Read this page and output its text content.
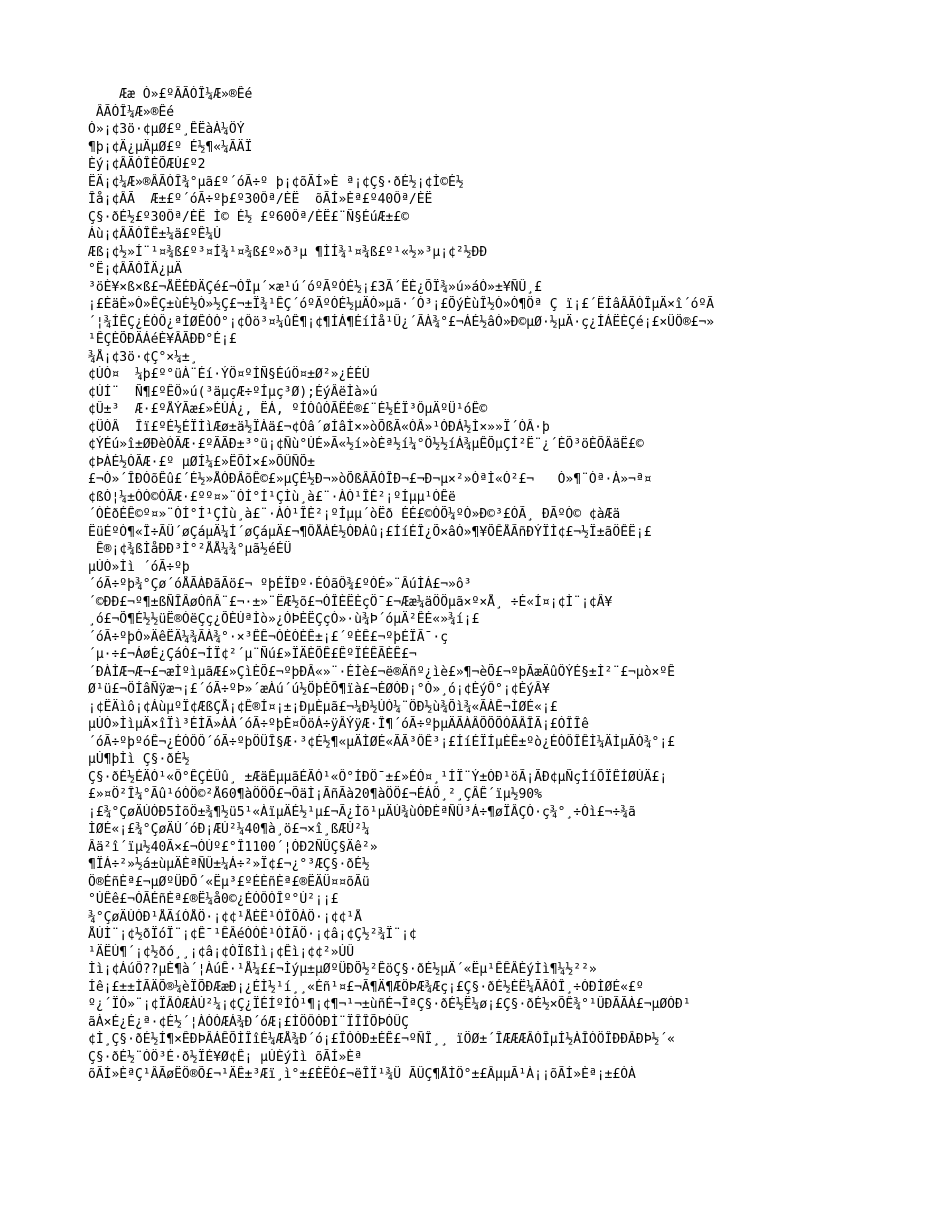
Ææ Ò»£ºÂÃÓÎ¼Æ»®Êé
ÂÃÓÎ¼Æ»®Êé
Ò»¡¢3ö·¢µØ£º¸ÊËàÀ¼ÖÝ
¶þ¡¢Ä¿µÄµØ£º É½¶«¼ÃÄÏ
Èý¡¢ÂÃÓÎÈÕÆÚ£º2
ËÄ¡¢¼Æ»®ÂÃÓÎ¾°µã£º´óÃ÷º þ¡¢õÃÍ»È ª¡¢Ç§·ðÉ½¡¢Ì©É½
Îå¡¢ÂÃ  Æ±£º´óÃ÷ºþ£º30Ôª/ÈË  õÃÍ»Èª£º40Ôª/ÈË
Ç§·ðÉ½£º30Ôª/ÈË Ì© É½ £º60Ôª/ÈË£¨Ñ§ÉúÆ±£©
Áù¡¢ÂÃÓÎÊ±¼ä£ºÊ¼Ù
Æß¡¢½»Í¨¹¤¾ß£º³¤Í¾¹¤¾ß£º»ð³µ ¶ÌÍ¾¹¤¾ß£º¹«½»³µ¡¢²½ÐÐ
°Ë¡¢ÂÃÓÎÄ¿µÄ
³öÈ¥×ß×ß£¬ÅËÉÐÄÇé£¬ÓÎµ´×æ¹ú´óºÃºÓÉ½¡£3Ã´ËÈ¿ÕÏ¾»ú»áÒ»±¥ÑÛ¸£
¡£ÈäÈ»Ò»ÊÇ±ùÉ½Ò»½Ç£¬±Ï¾¹ÊÇ´óºÃºÓÉ½µÄÒ»µã·´Ó³¡£ÕýÈùÎ½Ò»Ò¶Öª Ç ï¡£´ËÍâÂÃÓÎµÄ×î´óºÃ
´¦¾ÍÊÇ¿ÉÒÔ¿ªÍØÊÓÒ°¡¢Ôö³¤¼ûÊ¶¡¢¶ÍÁ¶ÉíÌå¹Û¿´ÃÀ¾°£¬ÁÉ½âÒ»Ð©µØ·½µÄ·ç¿ÍÁËÈÇé¡£×ÜÖ®£¬»
¹ÊÇÈÕÐÄÁéÈ¥ÂÃÐÐ°É¡£
¾Å¡¢3ö·¢Ç°×¼±¸
¢ÙÒ¤  ¼þ£º°üÀ¨Éí·ÝÖ¤ºÍÑ§ÉúÖ¤±Ø²»¿ÉÉÙ
¢ÚÍ¨  Ñ¶£ºÊÖ»ú(³äµçÆ÷ºÍµç³Ø);ÉýÂëÌà»ú
¢Û±³  Æ·£ºÅÝÃæ£»ÉÙÁ¿, ËÁ, ºÍÒûÓÃËÉ®£¨É½ÉÏ³ÔµÄºÜ¹óÊ©
¢ÜÒÂ  Îï£ºÉ½ÉÏÌìÆø±ä½ÏÀä£¬¢Òâ´øÍâÌ×»òÕßÃ«ÒÂ»¹ÓÐÁ½Ì×»»Ï´ÒÂ·þ
¢ÝÉú»î±ØÐèÓÃÆ·£ºÃÃÐ±³°ü¡¢Ñù°ÚÉ»Ã«½í»òÈª½í¼°Ö½½íÁ¾µÊÕµÇÍ²Ë¨¿´ÈÕ³öÈÕÂäË£©
¢ÞÀÉ½ÓÃÆ·£º µØÍ¼£»ËÕÌ×£»ÕÛÑÕ±
£¬Ò»´ÎÐÓõÊû£´É½»ÅÓÐÂõÊ©£»µÇÉ½Ð¬»òÕßÂÃÓÎÐ¬£¬Ð¬µ×²»ÒªÌ«Ó²£¬   Ò»¶¨Òª·À»¬ª¤
¢ßÒ¦¼±ÒÒ©ÓÃÆ·£ºº¤»¨ÓÍ°Í¹ÇÌù¸à£¨·ÀÒ¹ÎÈ²¡ºÍµµ¹ÒÊë
´ÒÈðÉÊ©º¤»¨ÓÍ°Í¹ÇÌù¸à£¨·ÀÒ¹ÎÈ²¡ºÍµµ´òËð ÉÉ£©ÒÕ¼ºÒ»Ð©³£ÓÃ¸ ÐÃºÒ© ¢àÆä
ËüÉºÓ¶«Î÷ÃÜ´øÇáµÄ¼Í´øÇáµÄ£¬¶ÔÅÀÉ½ÓÐÀû¡£ÍíÉÎ¿Õ×âÒ»¶¥ÕÊÅÃñÐÝÏÌ¢£¬½Ï±ãÖÊË¡£
Ê®¡¢¾ßÌåÐÐ³Ì°²ÅÅ¼¾°µã½éÉÜ
µÚÒ»Ìì ´óÃ÷ºþ
´óÃ÷ºþ¾°Çø´óÅÃÀÐãÃö£¬ ºþÉÏÐº·ÉÓãÔ¾£ºÓÉ»¨ÂúÌÁ£¬»ô³
´©ÐÐ£¬º¶±ßÑÎÂøÒñÂ¨£¬·±»¨ËÆ½õ£¬ÓÎÈËÈçÖ¯£¬Ææ¼äÖÖµã×º×Å¸ ÷É«Í¤¡¢Ì¨¡¢Â¥
¸ó£¬Õ¶É½½üË®ÓëÇç¿ÕÈÚªÌò»¿ÓÞÈËÇçÒ»·ù¾Þ´óµÄ²ÊÉ«»¾í¡£
´óÃ÷ºþÒ»ÄêËÄ¼¾ÃÀ¾°·×³ÊÊ¬ÓÈÒÈÊ±¡£´ºÈÊ£¬ºþÉÏÃ¯·ç
´µ·÷£¬ÁøÉ¿ÇáÒ£¬ÍÏ¢²´µ¨Ñú£»ÏÄÈÕÊ£ÊºÏÉÊÃÈÊ£¬
´ÐÀÌÆ¬Æ¬£¬æÌºìµãÆ£»ÇìÈÕ£¬ºþÐÂ«»¨·ÉÌè£¬ë®Äñº¿ìè£»¶¬èÕ£¬ºþÃæÄûÔÝÉ§±Ì²¨£¬µò×ºÊ
Ø¹ü£¬ÖÍâÑÿæ¬¡£´óÃ÷ºÞ»´æÀú´ú½ÖþÉÕ¶ïà£¬ÉØÓÐ¡°Ò»¸ó¡¢ÈýÔ°¡¢ÈýÂ¥
¡¢ËÄìô¡¢ÁùµºÏ¢ÆßÇÅ¡¢Ê®Í¤¡±¡ÐµÈµã£¬¼Ð½ÚÓ¼¨ÖÐ½ù¾Õì¾«ÃÀÊ¬ÌØÉ«¡£
µÚÒ»ÌìµÄ×îÏì³ÉÌÃ»ÀÀ´óÃ÷ºþÈ¤ÔöÁ÷ÿÂÝÿÆ·Î¶´óÃ÷ºþµÄÃÀÂÕÕÕÓÃÂÎÃ¡£ÓÎÎê
´óÃ÷ºþºóÊ¬¿ÉÒÔÔ´óÃ÷ºþÖÜÎ§Æ·³¢É½¶«µÄÌØÉ«ÃÃ³ÔÊ³¡£ÍíÉÏÍµÈÊ±ºò¿ÉÒÔÎÊÌ¼ÄÌµÃÒ¾°¡£
µÚ¶þÌì Ç§·ðÉ½
Ç§·ðÉ½ÉÄÓ¹«Ô°ÊÇÈÛû¸ ±ÆäÊµµãÉÃÓ¹«Ô°ÍÐÖ¯±£»ÉÓ¤¸¹ÍÏ¨Ý±ÓÐ¹öÃ¡ÃÐ¢µÑçÍíÕÏÊÍØÙÄ£¡
£»¤Ö²Î¼°Ãû¹óÒÖ©²Å60¶àÖÖÕ£¬ÕäÌ¡ÃñÃà20¶àÖÖ£¬ÉÁÖ¸²¸ÇÂÊ´ïµ½90%
¡£¾°ÇøÄÚÓÐ5ÌõÖ±¾¶½ü5¹«ÀïµÄÉ½¹µ£¬Ã¿Ìõ¹µÄÚ¾ùÓÐÈªÑÛ³Á÷¶øÏÂÇÒ·ç¾°¸÷Òì£¬÷¾ã
ÌØÉ«¡£¾°ÇøÄÚ´óÐ¡ÆÚ²¼40¶à¸ö£¬×î¸ßÆÙ²¼
Âä²î´ïµ½40Ã×£¬ÓÚº£°Î1100´¦ÓÐ2ÑÛÇ§Äê²»
¶ÏÁ÷²»½á±ùµÄÈªÑÛ±¼Á÷²»Ï¢£¬¿°³ÆÇ§·ðÉ½
Ö®ÉñÈª£¬µØºÜÐÕ´«Ëµ³£ºÉÈñÈª£®ËÄÜ¤¤õÃü
°ÙÊê£¬ÓÃÉñÈª£®Ë¼å0©¿ÉÒÔÓÎº°Ù²¡¡£
¾°ÇøÄÚÓÐ¹ÅÃíÒÅÖ·¡¢¢¹ÅÈË¹ÓÎÕÀÖ·¡¢¢¹Å
ÅÚÌ¨¡¢½ðÏóÏ¨¡¢Ê¯¹ÊÂéÒÓÈ¹ÓÌÃÖ·¡¢â¡¢Ç½²¾Ï¨¡¢
¹ÄËÚ¶´¡¢½ðó¸¸¡¢â¡¢ÒÏßÌì¡¢Êì¡¢¢²»ÚÛ
Ìì¡¢Áú͏Ô??µÈ¶à´¦ÀúÊ·¹Å¼££¬Ìýµ±µØºÜÐÕ½²ÊöÇ§·ðÉ½µÄ´«Ëµ¹ÊÊÂÈýÌì¶¼½²²»
Íê¡£±±ÌÃÄÕ®¼èÏÕÐÆæÐ¡¿ÉÌ½¹í¸¸«Éñ¹¤£¬Ã¶Ä¶ÆÖÞÆ¾Æç¡£Ç§·ðÉ½ÈË¼ÃÂÓÎ¸÷ÓÐÌØÉ«£º
º¿´ÏÒ»¨¡¢ÏÂÓÆÀÙ²¼¡¢Ç¿ÏÉÍºÌÒ¹¶¡¢¶¬¹¬±ùñÉ¬ÎªÇ§·ðÉ½Ë¼ø¡£Ç§·ðÉ½×ÕÊ¾°¹ÛÐÃÃÀ£¬µØÓÐ¹
ãÀ×É¿É¿ª·¢É½´¦ÀÒÓÆÁ¾Ð´óÆ¡£ÌÖÔÓÐÌ¨ÏÎÎÕÞÓÛÇ
¢Ì¸Ç§·ðÉ½Í¶×ÊÐÞÂÁÊÕÌÎîÉ¼ÆÅ¾Ð´ó¡£ÎÒÓÐ±ÉÊ£¬ºÑÎ¸¸ ïÖØ±´ÎÆÆÆÂÓÎµÍ½ÀÎÓÖÎÐÐÂÐÞ½´«
Ç§·ðÉ½¨ÓÖ³É·ð½ÏÉ¥Ø¢Ê¡ µÚÈýÌì õÃÍ»Èª
õÃÍ»ÈªÇ¹ÂÃøËÖ®Õ£¬¹ÄÊ±³Æï¸ì°±£ÈËÓ£¬ëÎÏ¹¾Ü ÃÛÇ¶ÅÌÖ°±£ÂµµÃ¹À¡¡õÃÍ»Èª¡±£ÒÀ
